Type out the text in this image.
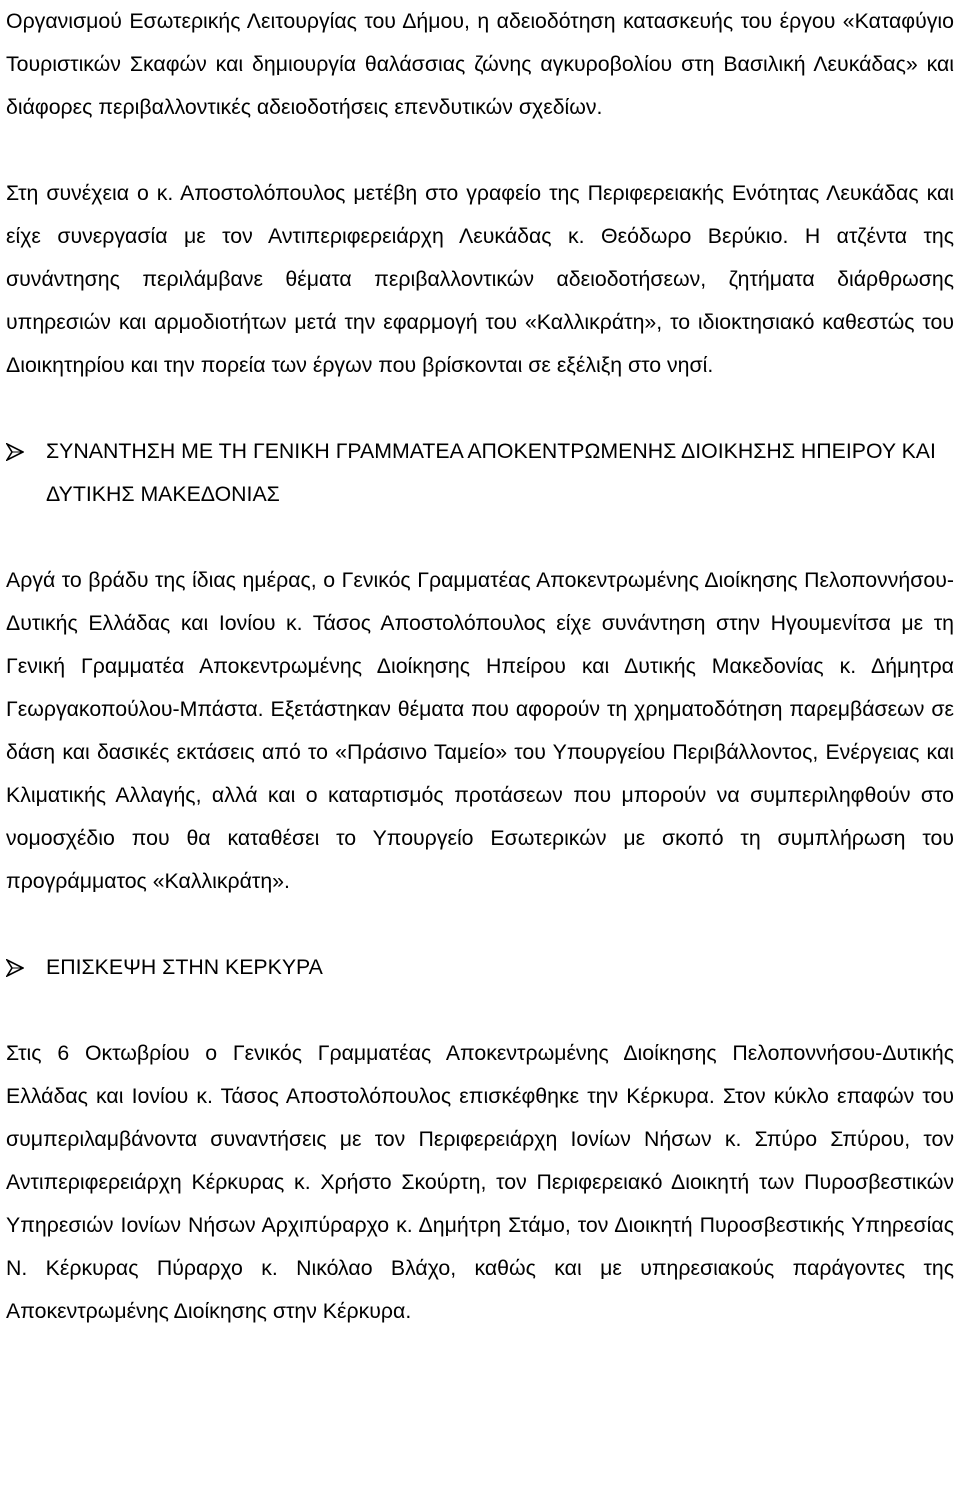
Οργανισμού Εσωτερικής Λειτουργίας του Δήμου, η αδειοδότηση κατασκευής του έργου «Καταφύγιο Τουριστικών Σκαφών και δημιουργία θαλάσσιας ζώνης αγκυροβολίου στη Βασιλική Λευκάδας» και διάφορες περιβαλλοντικές αδειοδοτήσεις επενδυτικών σχεδίων.

Στη συνέχεια ο κ. Αποστολόπουλος μετέβη στο γραφείο της Περιφερειακής Ενότητας Λευκάδας και είχε συνεργασία με τον Αντιπεριφερειάρχη Λευκάδας κ. Θεόδωρο Βερύκιο. Η ατζέντα της συνάντησης περιλάμβανε θέματα περιβαλλοντικών αδειοδοτήσεων, ζητήματα διάρθρωσης υπηρεσιών και αρμοδιοτήτων μετά την εφαρμογή του «Καλλικράτη», το ιδιοκτησιακό καθεστώς του Διοικητηρίου και την πορεία των έργων που βρίσκονται σε εξέλιξη στο νησί.

ΣΥΝΑΝΤΗΣΗ ΜΕ ΤΗ ΓΕΝΙΚΗ ΓΡΑΜΜΑΤΕΑ ΑΠΟΚΕΝΤΡΩΜΕΝΗΣ ΔΙΟΙΚΗΣΗΣ ΗΠΕΙΡΟΥ ΚΑΙ ΔΥΤΙΚΗΣ ΜΑΚΕΔΟΝΙΑΣ

Αργά το βράδυ της ίδιας ημέρας, ο Γενικός Γραμματέας Αποκεντρωμένης Διοίκησης Πελοποννήσου-Δυτικής Ελλάδας και Ιονίου κ. Τάσος Αποστολόπουλος είχε συνάντηση στην Ηγουμενίτσα με τη Γενική Γραμματέα Αποκεντρωμένης Διοίκησης Ηπείρου και Δυτικής Μακεδονίας κ. Δήμητρα Γεωργακοπούλου-Μπάστα. Εξετάστηκαν θέματα που αφορούν τη χρηματοδότηση παρεμβάσεων σε δάση και δασικές εκτάσεις από το «Πράσινο Ταμείο» του Υπουργείου Περιβάλλοντος, Ενέργειας και Κλιματικής Αλλαγής, αλλά και ο καταρτισμός προτάσεων που μπορούν να συμπεριληφθούν στο νομοσχέδιο που θα καταθέσει το Υπουργείο Εσωτερικών με σκοπό τη συμπλήρωση του προγράμματος «Καλλικράτη».

ΕΠΙΣΚΕΨΗ ΣΤΗΝ ΚΕΡΚΥΡΑ

Στις 6 Οκτωβρίου ο Γενικός Γραμματέας Αποκεντρωμένης Διοίκησης Πελοποννήσου-Δυτικής Ελλάδας και Ιονίου κ. Τάσος Αποστολόπουλος επισκέφθηκε την Κέρκυρα. Στον κύκλο επαφών του συμπεριλαμβάνοντα συναντήσεις με τον Περιφερειάρχη Ιονίων Νήσων κ. Σπύρο Σπύρου, τον Αντιπεριφερειάρχη Κέρκυρας κ. Χρήστο Σκούρτη, τον Περιφερειακό Διοικητή των Πυροσβεστικών Υπηρεσιών Ιονίων Νήσων Αρχιπύραρχο κ. Δημήτρη Στάμο, τον Διοικητή Πυροσβεστικής Υπηρεσίας Ν. Κέρκυρας Πύραρχο κ. Νικόλαο Βλάχο, καθώς και με υπηρεσιακούς παράγοντες της Αποκεντρωμένης Διοίκησης στην Κέρκυρα.
